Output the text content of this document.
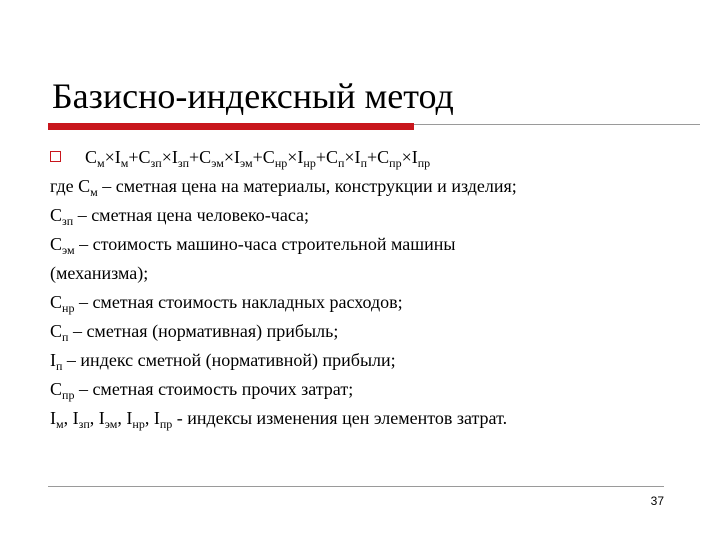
Базисно-индексный метод
$С_м\times I_м+С_{зп}\times I_{зп}+С_{эм}\times I_{эм}+С_{нр}\times I_{нр}+С_п\times I_п+С_{пр}\times I_{пр}$
где $С_м$ – сметная цена на материалы, конструкции и изделия;
$С_{зп}$ – сметная цена человеко-часа;
$С_{эм}$ – стоимость машино-часа строительной машины
(механизма);
$С_{нр}$ – сметная стоимость накладных расходов;
$С_п$ – сметная (нормативная) прибыль;
$I_п$ – индекс сметной (нормативной) прибыли;
$С_{пр}$ – сметная стоимость прочих затрат;
$I_м$, $I_{зп}$, $I_{эм}$, $I_{нр}$, $I_{пр}$ - индексы изменения цен элементов затрат.
37
